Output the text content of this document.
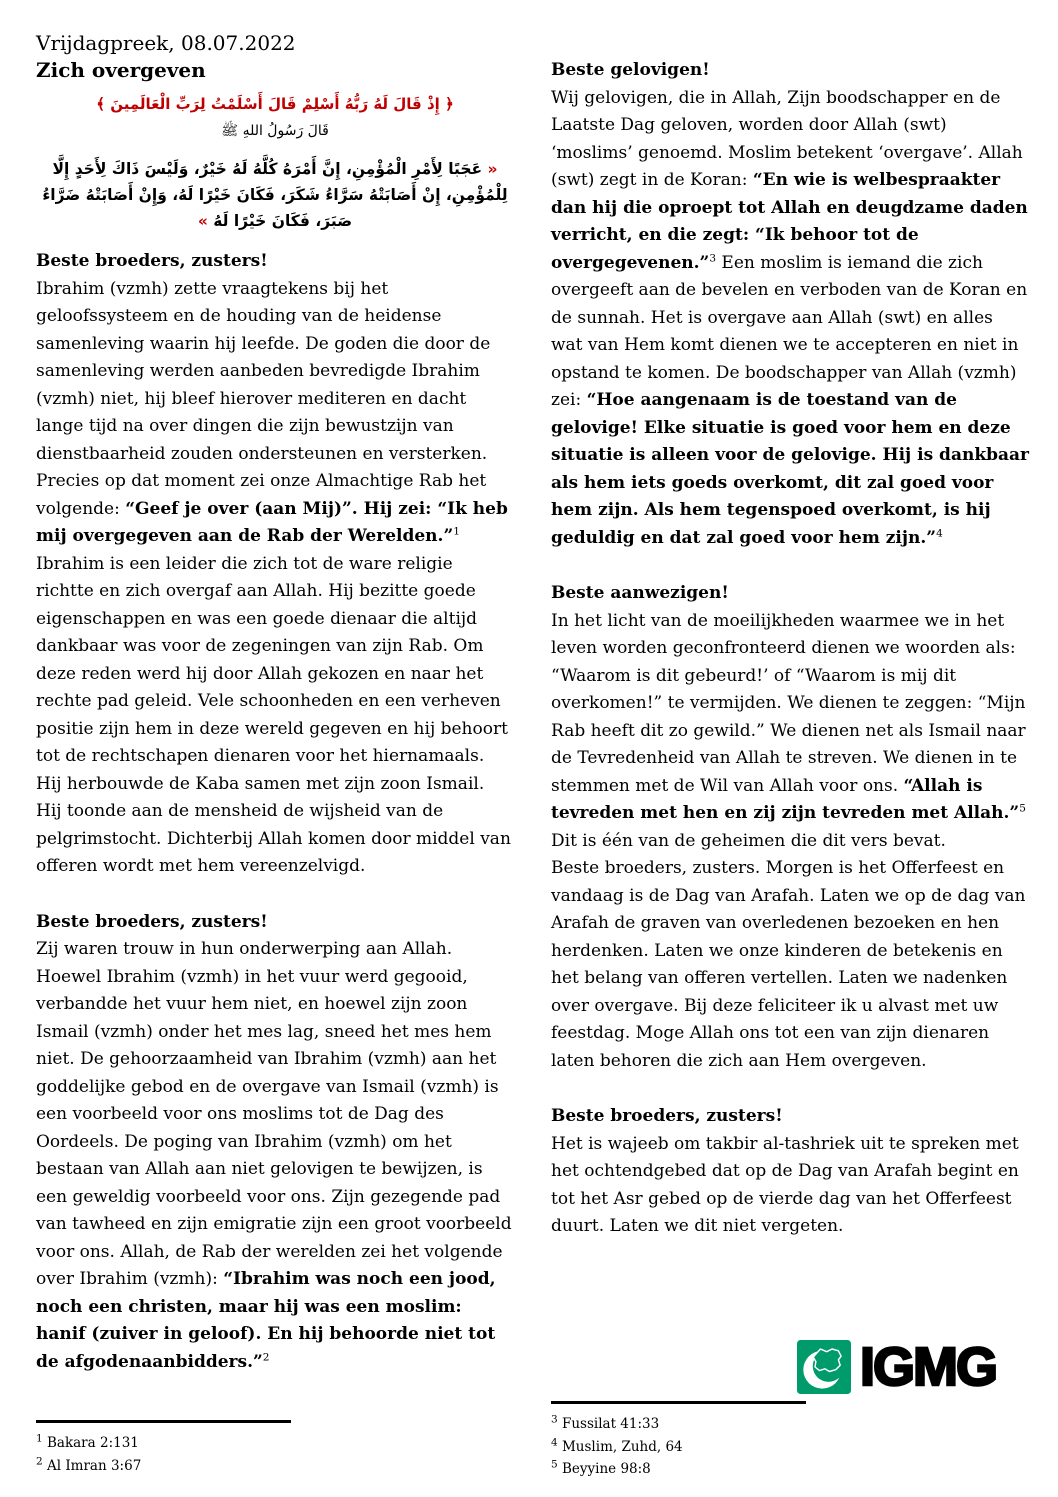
Vrijdagpreek, 08.07.2022
Zich overgeven
﴿ إِذْ قَالَ لَهُ رَبُّهُ أَسْلِمْ قَالَ أَسْلَمْتُ لِرَبِّ الْعَالَمِينَ ﴾
قَالَ رَسُولُ اللهِ ﷺ
« عَجَبًا لِأَمْرِ الْمُؤْمِنِ، إِنَّ أَمْرَهُ كُلَّهُ لَهُ خَيْرٌ، وَلَيْسَ ذَاكَ لِأَحَدٍ إِلَّا لِلْمُؤْمِنِ، إِنْ أَصَابَتْهُ سَرَّاءُ شَكَرَ، فَكَانَ خَيْرًا لَهُ، وَإِنْ أَصَابَتْهُ ضَرَّاءُ صَبَرَ، فَكَانَ خَيْرًا لَهُ »
Beste broeders, zusters!

Ibrahim (vzmh) zette vraagtekens bij het geloofssysteem en de houding van de heidense samenleving waarin hij leefde. De goden die door de samenleving werden aanbeden bevredigde Ibrahim (vzmh) niet, hij bleef hierover mediteren en dacht lange tijd na over dingen die zijn bewustzijn van dienstbaarheid zouden ondersteunen en versterken. Precies op dat moment zei onze Almachtige Rab het volgende: “Geef je over (aan Mij)”. Hij zei: “Ik heb mij overgegeven aan de Rab der Werelden.”$^1$

Ibrahim is een leider die zich tot de ware religie richtte en zich overgaf aan Allah. Hij bezitte goede eigenschappen en was een goede dienaar die altijd dankbaar was voor de zegeningen van zijn Rab. Om deze reden werd hij door Allah gekozen en naar het rechte pad geleid. Vele schoonheden en een verheven positie zijn hem in deze wereld gegeven en hij behoort tot de rechtschapen dienaren voor het hiernamaals. Hij herbouwde de Kaba samen met zijn zoon Ismail. Hij toonde aan de mensheid de wijsheid van de pelgrimstocht. Dichterbij Allah komen door middel van offeren wordt met hem vereenzelvigd.

Beste broeders, zusters!

Zij waren trouw in hun onderwerping aan Allah. Hoewel Ibrahim (vzmh) in het vuur werd gegooid, verbandde het vuur hem niet, en hoewel zijn zoon Ismail (vzmh) onder het mes lag, sneed het mes hem niet. De gehoorzaamheid van Ibrahim (vzmh) aan het goddelijke gebod en de overgave van Ismail (vzmh) is een voorbeeld voor ons moslims tot de Dag des Oordeels. De poging van Ibrahim (vzmh) om het bestaan van Allah aan niet gelovigen te bewijzen, is een geweldig voorbeeld voor ons. Zijn gezegende pad van tawheed en zijn emigratie zijn een groot voorbeeld voor ons. Allah, de Rab der werelden zei het volgende over Ibrahim (vzmh): “Ibrahim was noch een jood, noch een christen, maar hij was een moslim: hanif (zuiver in geloof). En hij behoorde niet tot de afgodenaanbidders.”$^2$

Beste gelovigen!

Wij gelovigen, die in Allah, Zijn boodschapper en de Laatste Dag geloven, worden door Allah (swt) ‘moslims’ genoemd. Moslim betekent ‘overgave’. Allah (swt) zegt in de Koran: “En wie is welbespraakter dan hij die oproept tot Allah en deugdzame daden verricht, en die zegt: “Ik behoor tot de overgegevenen.”$^3$ Een moslim is iemand die zich overgeeft aan de bevelen en verboden van de Koran en de sunnah. Het is overgave aan Allah (swt) en alles wat van Hem komt dienen we te accepteren en niet in opstand te komen. De boodschapper van Allah (vzmh) zei: “Hoe aangenaam is de toestand van de gelovige! Elke situatie is goed voor hem en deze situatie is alleen voor de gelovige. Hij is dankbaar als hem iets goeds overkomt, dit zal goed voor hem zijn. Als hem tegenspoed overkomt, is hij geduldig en dat zal goed voor hem zijn.”$^4$

Beste aanwezigen!

In het licht van de moeilijkheden waarmee we in het leven worden geconfronteerd dienen we woorden als: “Waarom is dit gebeurd!’ of “Waarom is mij dit overkomen!” te vermijden. We dienen te zeggen: “Mijn Rab heeft dit zo gewild.” We dienen net als Ismail naar de Tevredenheid van Allah te streven. We dienen in te stemmen met de Wil van Allah voor ons. “Allah is tevreden met hen en zij zijn tevreden met Allah.”$^5$ Dit is één van de geheimen die dit vers bevat.

Beste broeders, zusters. Morgen is het Offerfeest en vandaag is de Dag van Arafah. Laten we op de dag van Arafah de graven van overledenen bezoeken en hen herdenken. Laten we onze kinderen de betekenis en het belang van offeren vertellen. Laten we nadenken over overgave. Bij deze feliciteer ik u alvast met uw feestdag. Moge Allah ons tot een van zijn dienaren laten behoren die zich aan Hem overgeven.

Beste broeders, zusters!

Het is wajeeb om takbir al-tashriek uit te spreken met het ochtendgebed dat op de Dag van Arafah begint en tot het Asr gebed op de vierde dag van het Offerfeest duurt. Laten we dit niet vergeten.

IGMG
$^1$ Bakara 2:131
$^2$ Al Imran 3:67
$^3$ Fussilat 41:33
$^4$ Muslim, Zuhd, 64
$^5$ Beyyine 98:8
